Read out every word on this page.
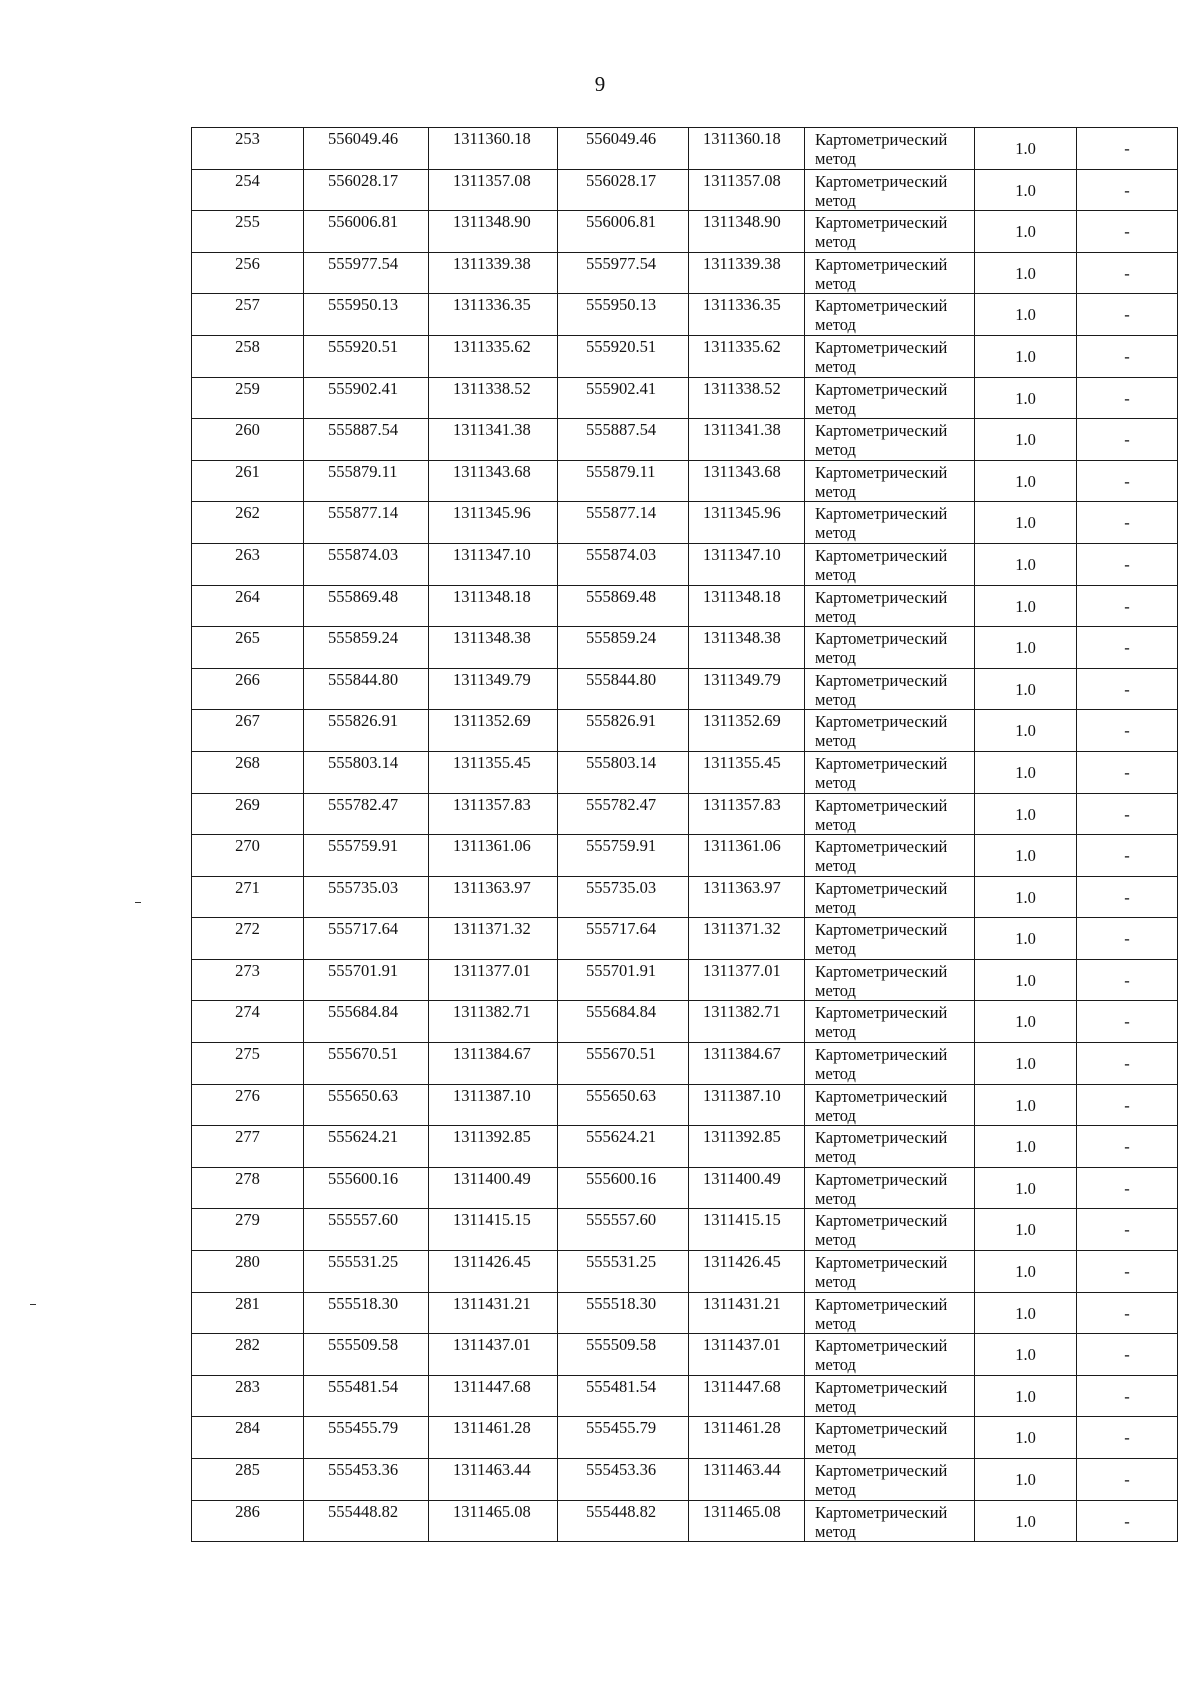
9
253	556049.46	1311360.18	556049.46	1311360.18	Картометрический
метод	1.0	-
254	556028.17	1311357.08	556028.17	1311357.08	Картометрический
метод	1.0	-
255	556006.81	1311348.90	556006.81	1311348.90	Картометрический
метод	1.0	-
256	555977.54	1311339.38	555977.54	1311339.38	Картометрический
метод	1.0	-
257	555950.13	1311336.35	555950.13	1311336.35	Картометрический
метод	1.0	-
258	555920.51	1311335.62	555920.51	1311335.62	Картометрический
метод	1.0	-
259	555902.41	1311338.52	555902.41	1311338.52	Картометрический
метод	1.0	-
260	555887.54	1311341.38	555887.54	1311341.38	Картометрический
метод	1.0	-
261	555879.11	1311343.68	555879.11	1311343.68	Картометрический
метод	1.0	-
262	555877.14	1311345.96	555877.14	1311345.96	Картометрический
метод	1.0	-
263	555874.03	1311347.10	555874.03	1311347.10	Картометрический
метод	1.0	-
264	555869.48	1311348.18	555869.48	1311348.18	Картометрический
метод	1.0	-
265	555859.24	1311348.38	555859.24	1311348.38	Картометрический
метод	1.0	-
266	555844.80	1311349.79	555844.80	1311349.79	Картометрический
метод	1.0	-
267	555826.91	1311352.69	555826.91	1311352.69	Картометрический
метод	1.0	-
268	555803.14	1311355.45	555803.14	1311355.45	Картометрический
метод	1.0	-
269	555782.47	1311357.83	555782.47	1311357.83	Картометрический
метод	1.0	-
270	555759.91	1311361.06	555759.91	1311361.06	Картометрический
метод	1.0	-
271	555735.03	1311363.97	555735.03	1311363.97	Картометрический
метод	1.0	-
272	555717.64	1311371.32	555717.64	1311371.32	Картометрический
метод	1.0	-
273	555701.91	1311377.01	555701.91	1311377.01	Картометрический
метод	1.0	-
274	555684.84	1311382.71	555684.84	1311382.71	Картометрический
метод	1.0	-
275	555670.51	1311384.67	555670.51	1311384.67	Картометрический
метод	1.0	-
276	555650.63	1311387.10	555650.63	1311387.10	Картометрический
метод	1.0	-
277	555624.21	1311392.85	555624.21	1311392.85	Картометрический
метод	1.0	-
278	555600.16	1311400.49	555600.16	1311400.49	Картометрический
метод	1.0	-
279	555557.60	1311415.15	555557.60	1311415.15	Картометрический
метод	1.0	-
280	555531.25	1311426.45	555531.25	1311426.45	Картометрический
метод	1.0	-
281	555518.30	1311431.21	555518.30	1311431.21	Картометрический
метод	1.0	-
282	555509.58	1311437.01	555509.58	1311437.01	Картометрический
метод	1.0	-
283	555481.54	1311447.68	555481.54	1311447.68	Картометрический
метод	1.0	-
284	555455.79	1311461.28	555455.79	1311461.28	Картометрический
метод	1.0	-
285	555453.36	1311463.44	555453.36	1311463.44	Картометрический
метод	1.0	-
286	555448.82	1311465.08	555448.82	1311465.08	Картометрический
метод	1.0	-
